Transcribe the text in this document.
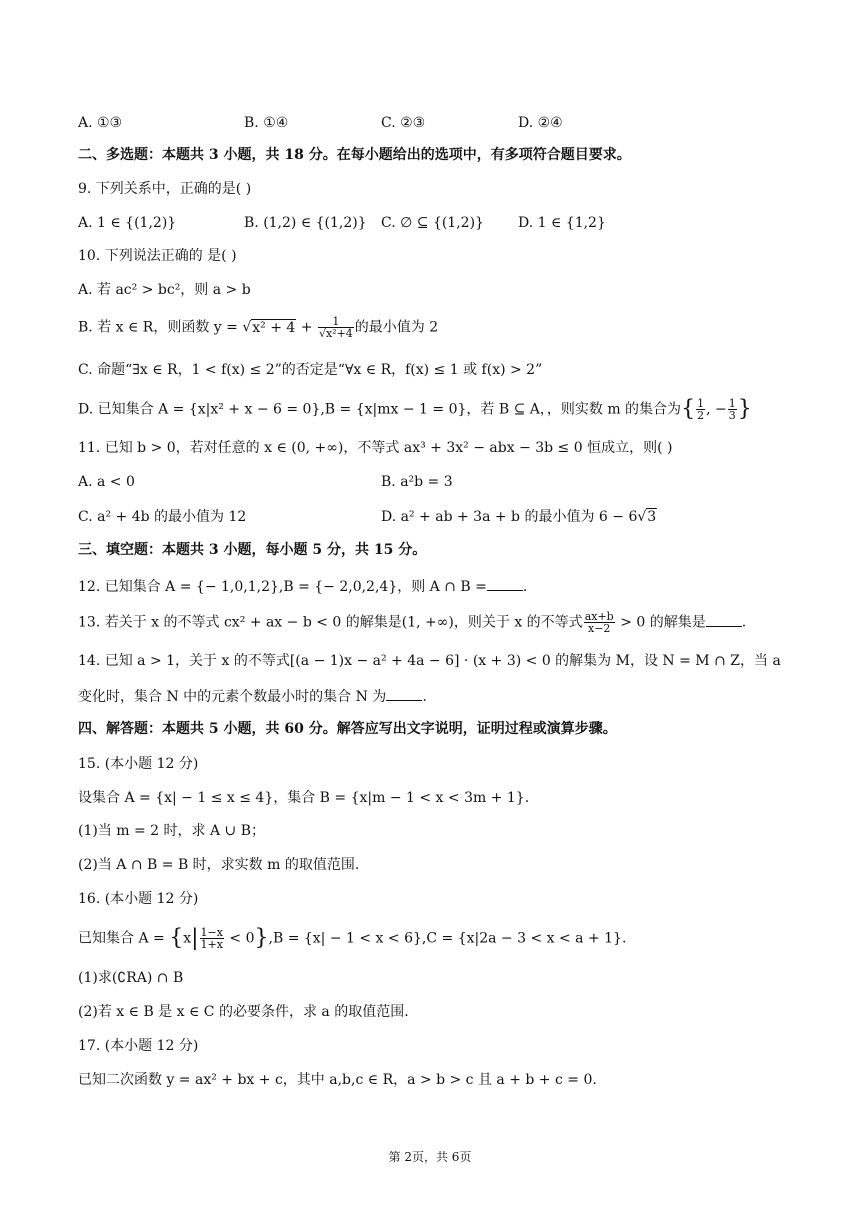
A. ①③	B. ①④	C. ②③	D. ②④
二、多选题：本题共 3 小题，共 18 分。在每小题给出的选项中，有多项符合题目要求。
9. 下列关系中，正确的是( )
A. 1 ∈ {(1,2)}	B. (1,2) ∈ {(1,2)} C. ∅ ⊆ {(1,2)} D. 1 ∈ {1,2}
10. 下列说法正确的 是( )
A. 若 ac² > bc²，则 a > b
B. 若 x ∈ R，则函数 $y = √x^2 + 4 + \frac{1}{\text{√x²+4}}$ 的最小值为 2
C. 命题“∃x ∈ R，1 < f(x) ≤ 2”的否定是“∀x ∈ R，f(x) ≤ 1 或 f(x) > 2”
D. 已知集合 A = {x|x² + x − 6 = 0},B = {x|mx − 1 = 0}，若 B ⊆ A，，则实数 m 的集合为{ $\frac{1}{2}$ , − $\frac{1}{3}$ }
11. 已知 b > 0，若对任意的 x ∈ (0, +∞)，不等式 ax³ + 3x² − abx − 3b ≤ 0 恒成立，则( )
A. a < 0	B. a²b = 3
C. a² + 4b 的最小值为 12	D. a² + ab + 3a + b 的最小值为 6 − 6√3
三、填空题：本题共 3 小题，每小题 5 分，共 15 分。
12. 已知集合 A = {− 1,0,1,2},B = {− 2,0,2,4}，则 A ∩ B =	.
13. 若关于 x 的不等式 cx² + ax − b < 0 的解集是(1, +∞)，则关于 x 的不等式 $\frac{ax+b}{x-2} > 0$ 的解集是	.
14. 已知 a > 1，关于 x 的不等式[(a − 1)x − a² + 4a − 6] · (x + 3) < 0 的解集为 M，设 N = M ∩ Z，当 a
变化时，集合 N 中的元素个数最小时的集合 N 为	.
四、解答题：本题共 5 小题，共 60 分。解答应写出文字说明，证明过程或演算步骤。
15. (本小题 12 分)
设集合 A = {x| − 1 ≤ x ≤ 4}，集合 B = {x|m − 1 < x < 3m + 1}.
(1)当 m = 2 时，求 A ∪ B；
(2)当 A ∩ B = B 时，求实数 m 的取值范围.
16. (本小题 12 分)
已知集合 $A = \{x| \frac{1-x}{1+x} < 0\},B = \{x| - 1 < x < 6\},C = \{x|2a - 3 < x < a + 1\}$.
(1)求(∁RA) ∩ B
(2)若 x ∈ B 是 x ∈ C 的必要条件，求 a 的取值范围.
17. (本小题 12 分)
已知二次函数 y = ax² + bx + c，其中 a,b,c ∈ R，a > b > c 且 a + b + c = 0.
第 2页，共 6页
